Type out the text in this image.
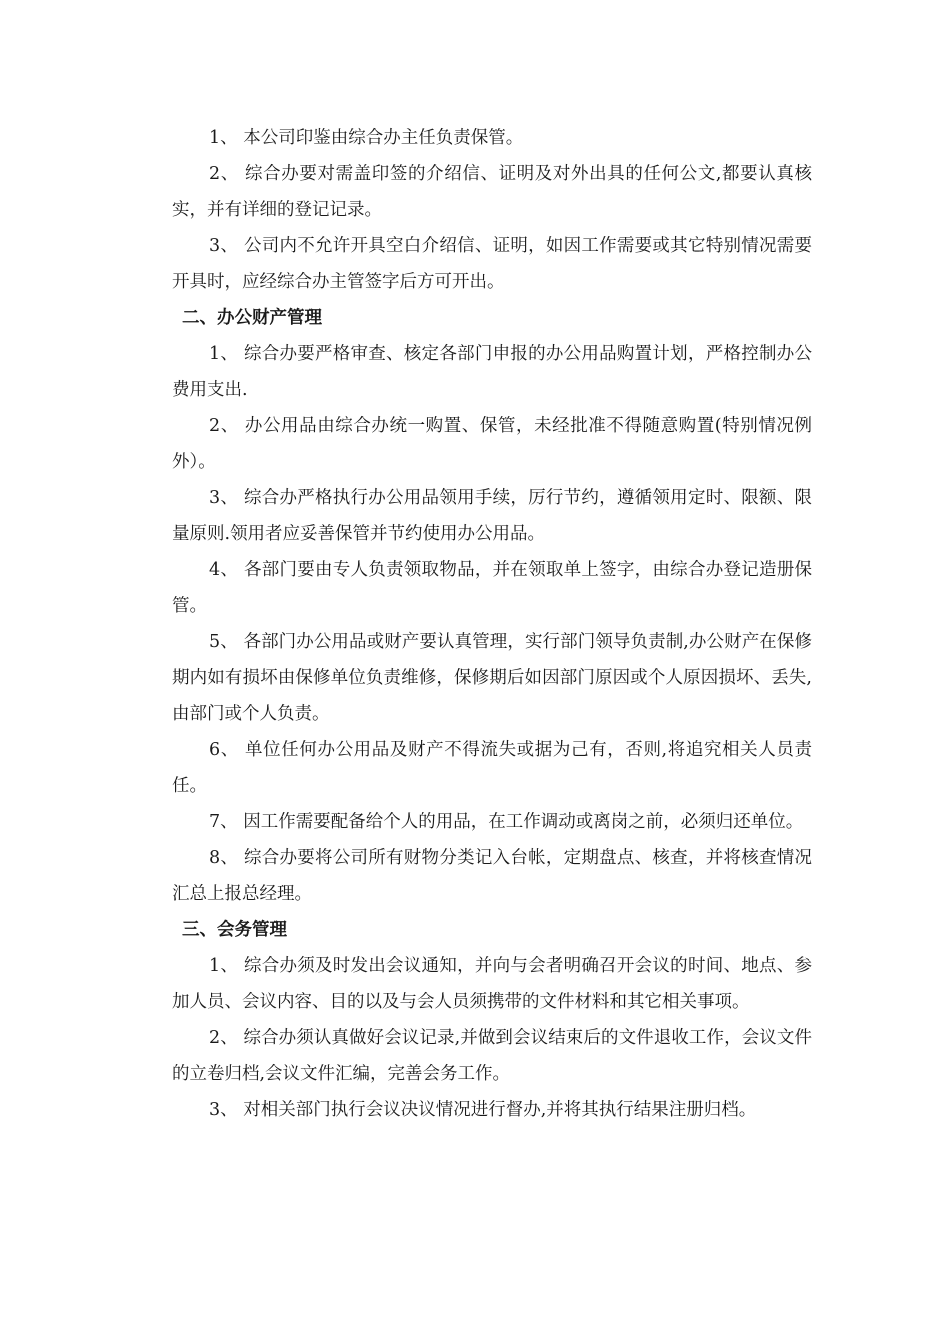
1、 本公司印鉴由综合办主任负责保管。

2、 综合办要对需盖印签的介绍信、证明及对外出具的任何公文,都要认真核实，并有详细的登记记录。

3、 公司内不允许开具空白介绍信、证明，如因工作需要或其它特别情况需要开具时，应经综合办主管签字后方可开出。

二、办公财产管理

1、 综合办要严格审查、核定各部门申报的办公用品购置计划，严格控制办公费用支出.

2、 办公用品由综合办统一购置、保管，未经批准不得随意购置(特别情况例外）。

3、 综合办严格执行办公用品领用手续，厉行节约，遵循领用定时、限额、限量原则.领用者应妥善保管并节约使用办公用品。

4、 各部门要由专人负责领取物品，并在领取单上签字，由综合办登记造册保管。

5、 各部门办公用品或财产要认真管理，实行部门领导负责制,办公财产在保修期内如有损坏由保修单位负责维修，保修期后如因部门原因或个人原因损坏、丢失,由部门或个人负责。

6、 单位任何办公用品及财产不得流失或据为己有，否则,将追究相关人员责任。

7、 因工作需要配备给个人的用品，在工作调动或离岗之前，必须归还单位。

8、 综合办要将公司所有财物分类记入台帐，定期盘点、核查，并将核查情况汇总上报总经理。

三、会务管理

1、 综合办须及时发出会议通知，并向与会者明确召开会议的时间、地点、参加人员、会议内容、目的以及与会人员须携带的文件材料和其它相关事项。

2、 综合办须认真做好会议记录,并做到会议结束后的文件退收工作，会议文件的立卷归档,会议文件汇编，完善会务工作。

3、 对相关部门执行会议决议情况进行督办,并将其执行结果注册归档。
